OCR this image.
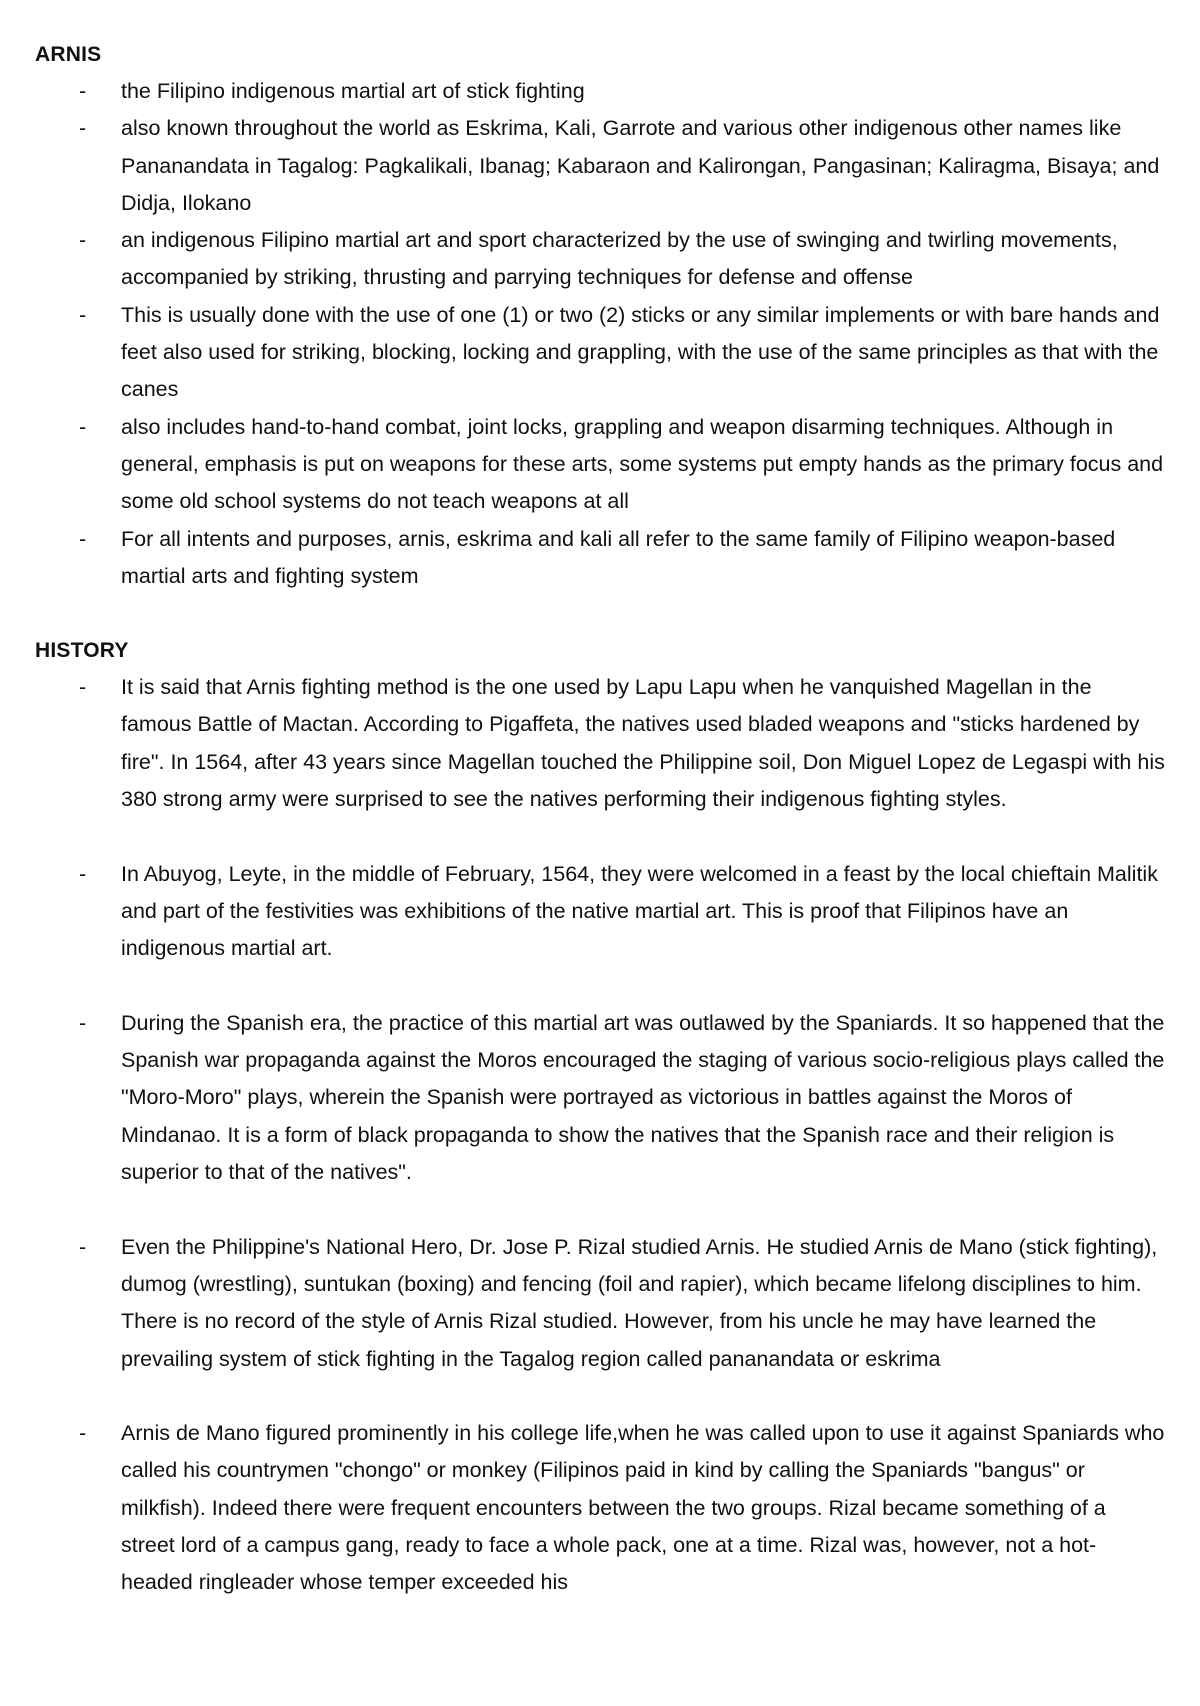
ARNIS
- the Filipino indigenous martial art of stick fighting
- also known throughout the world as Eskrima, Kali, Garrote and various other indigenous other names like Pananandata in Tagalog: Pagkalikali, Ibanag; Kabaraon and Kalirongan, Pangasinan; Kaliragma, Bisaya; and Didja, Ilokano
- an indigenous Filipino martial art and sport characterized by the use of swinging and twirling movements, accompanied by striking, thrusting and parrying techniques for defense and offense
- This is usually done with the use of one (1) or two (2) sticks or any similar implements or with bare hands and feet also used for striking, blocking, locking and grappling, with the use of the same principles as that with the canes
- also includes hand-to-hand combat, joint locks, grappling and weapon disarming techniques. Although in general, emphasis is put on weapons for these arts, some systems put empty hands as the primary focus and some old school systems do not teach weapons at all
- For all intents and purposes, arnis, eskrima and kali all refer to the same family of Filipino weapon-based martial arts and fighting system
HISTORY
- It is said that Arnis fighting method is the one used by Lapu Lapu when he vanquished Magellan in the famous Battle of Mactan. According to Pigaffeta, the natives used bladed weapons and "sticks hardened by fire". In 1564, after 43 years since Magellan touched the Philippine soil, Don Miguel Lopez de Legaspi with his 380 strong army were surprised to see the natives performing their indigenous fighting styles.
- In Abuyog, Leyte, in the middle of February, 1564, they were welcomed in a feast by the local chieftain Malitik and part of the festivities was exhibitions of the native martial art. This is proof that Filipinos have an indigenous martial art.
- During the Spanish era, the practice of this martial art was outlawed by the Spaniards. It so happened that the Spanish war propaganda against the Moros encouraged the staging of various socio-religious plays called the "Moro-Moro" plays, wherein the Spanish were portrayed as victorious in battles against the Moros of Mindanao. It is a form of black propaganda to show the natives that the Spanish race and their religion is superior to that of the natives".
- Even the Philippine's National Hero, Dr. Jose P. Rizal studied Arnis. He studied Arnis de Mano (stick fighting), dumog (wrestling), suntukan (boxing) and fencing (foil and rapier), which became lifelong disciplines to him. There is no record of the style of Arnis Rizal studied. However, from his uncle he may have learned the prevailing system of stick fighting in the Tagalog region called pananandata or eskrima
- Arnis de Mano figured prominently in his college life,when he was called upon to use it against Spaniards who called his countrymen "chongo" or monkey (Filipinos paid in kind by calling the Spaniards "bangus" or milkfish). Indeed there were frequent encounters between the two groups. Rizal became something of a street lord of a campus gang, ready to face a whole pack, one at a time. Rizal was, however, not a hot-headed ringleader whose temper exceeded his
